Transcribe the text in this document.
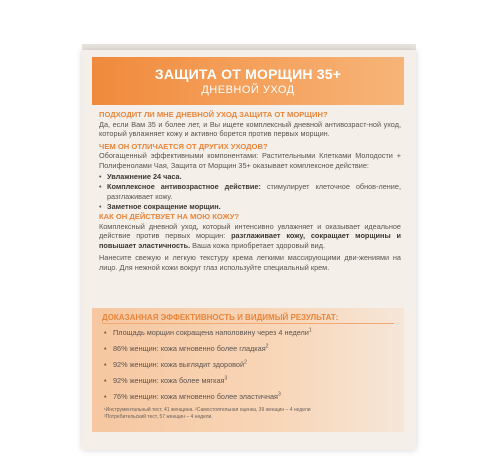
ЗАЩИТА ОТ МОРЩИН 35+
ДНЕВНОЙ УХОД

ПОДХОДИТ ЛИ МНЕ ДНЕВНОЙ УХОД ЗАЩИТА ОТ МОРЩИН?

Да, если Вам 35 и более лет, и Вы ищете комплексный дневной антивозраст-ной уход, который увлажняет кожу и активно борется против первых морщин.

ЧЕМ ОН ОТЛИЧАЕТСЯ ОТ ДРУГИХ УХОДОВ?

Обогащенный эффективными компонентами: Растительными Клетками Молодости + Полифенолами Чая, Защита от Морщин 35+ оказывает комплексное действие:

• Увлажнение 24 часа.

• Комплексное антивозрастное действие: стимулирует клеточное обнов-ление, разглаживает кожу.

• Заметное сокращение морщин.

КАК ОН ДЕЙСТВУЕТ НА МОЮ КОЖУ?

Комплексный дневной уход, который интенсивно увлажняет и оказывает идеальное действие против первых морщин: разглаживает кожу, сокращает морщины и повышает эластичность. Ваша кожа приобретает здоровый вид.

Нанесите свежую и легкую текстуру крема легкими массирующими дви-жениями на лицо. Для нежной кожи вокруг глаз используйте специальный крем.

ДОКАЗАННАЯ ЭФФЕКТИВНОСТЬ И ВИДИМЫЙ РЕЗУЛЬТАТ:
• Площадь морщин сокращена наполовину через 4 недели$^1$
• 86% женщин: кожа мгновенно более гладкая$^2$
• 92% женщин: кожа выглядит здоровой$^2$
• 92% женщин: кожа более мягкая$^3$
• 76% женщин: кожа мгновенно более эластичная$^3$
¹Инструментальный тест, 41 женщина. ²Самостоятельная оценка, 39 женщин – 4 недели
³Потребительский тест, 57 женщин – 4 недели.
